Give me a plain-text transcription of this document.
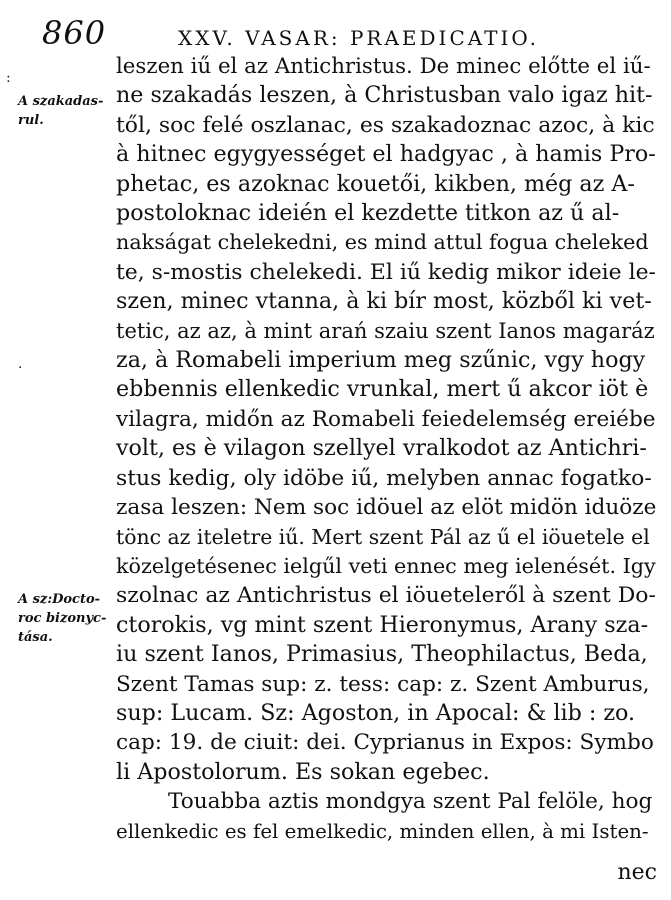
860	XXV. VASAR: PRAEDICATIO.
A szakadas-
rul.
A sz:Docto-
roc bizonyc-
tása.
:
·
leszen iű el az Antichristus. De minec előtte el iű-
ne szakadás leszen, à Christusban valo igaz hit-
től, soc felé oszlanac, es szakadoznac azoc, à kic
à hitnec egygyességet el hadgyac , à hamis Pro-
phetac, es azoknac kouetői, kikben, még az A-
postoloknac ideién el kezdette titkon az ű al-
nakságat chelekedni, es mind attul fogua cheleked
te, s-mostis chelekedi. El iű kedig mikor ideie le-
szen, minec vtanna, à ki bír most, közből ki vet-
tetic, az az, à mint arań szaiu szent Ianos magaráz
za, à Romabeli imperium meg szűnic, vgy hogy
ebbennis ellenkedic vrunkal, mert ű akcor iöt è
vilagra, midőn az Romabeli feiedelemség ereiébe
volt, es è vilagon szellyel vralkodot az Antichri-
stus kedig, oly idöbe iű, melyben annac fogatko-
zasa leszen: Nem soc idöuel az elöt midön iduöze
tönc az iteletre iű. Mert szent Pál az ű el iöuetele el
közelgetésenec ielgűl veti ennec meg ielenését. Igy
szolnac az Antichristus el iöueteleről à szent Do-
ctorokis, vg mint szent Hieronymus, Arany sza-
iu szent Ianos, Primasius, Theophilactus, Beda,
Szent Tamas sup: z. tess: cap: z. Szent Amburus,
sup: Lucam. Sz: Agoston, in Apocal: & lib : zo.
cap: 19. de ciuit: dei. Cyprianus in Expos: Symbo
li Apostolorum. Es sokan egebec.
Touabba aztis mondgya szent Pal felöle, hog
ellenkedic es fel emelkedic, minden ellen, à mi Isten-
nec
